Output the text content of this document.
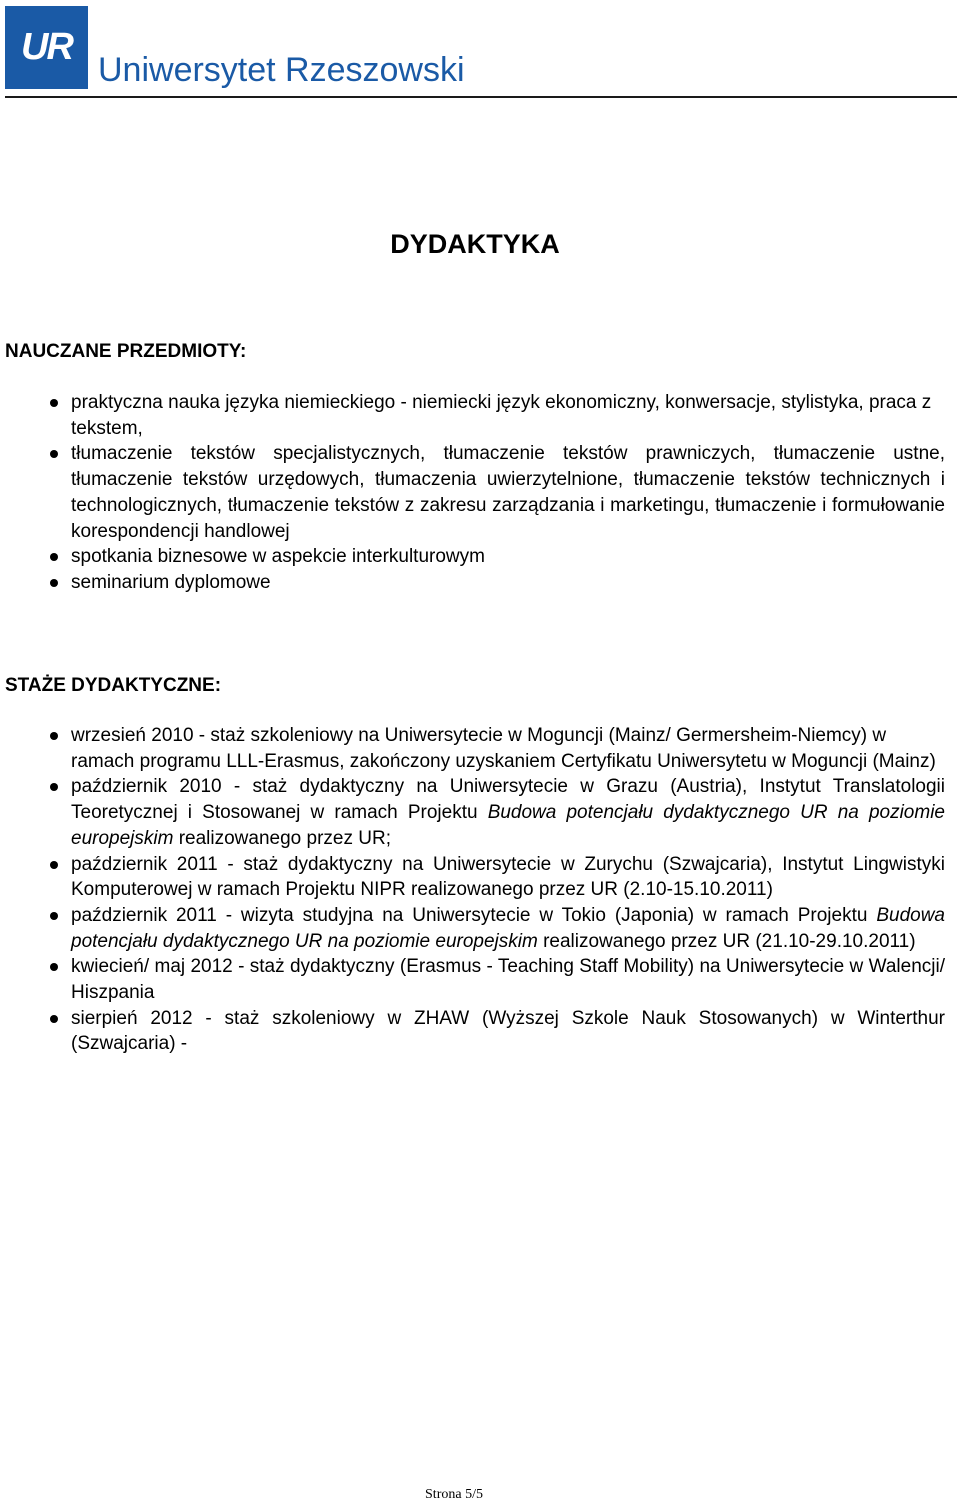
UR
Uniwersytet Rzeszowski
DYDAKTYKA
NAUCZANE PRZEDMIOTY:
praktyczna nauka języka niemieckiego - niemiecki język ekonomiczny, konwersacje, stylistyka, praca z tekstem,
tłumaczenie tekstów specjalistycznych, tłumaczenie tekstów prawniczych, tłumaczenie ustne, tłumaczenie tekstów urzędowych, tłumaczenia uwierzytelnione, tłumaczenie tekstów technicznych i technologicznych, tłumaczenie tekstów z zakresu zarządzania i marketingu, tłumaczenie i formułowanie korespondencji handlowej
spotkania biznesowe w aspekcie interkulturowym
seminarium dyplomowe
STAŻE DYDAKTYCZNE:
wrzesień 2010 - staż szkoleniowy na Uniwersytecie w Moguncji (Mainz/ Germersheim-Niemcy) w ramach programu LLL-Erasmus, zakończony uzyskaniem Certyfikatu Uniwersytetu w Moguncji (Mainz)
październik 2010 - staż dydaktyczny na Uniwersytecie w Grazu (Austria), Instytut Translatologii Teoretycznej i Stosowanej w ramach Projektu Budowa potencjału dydaktycznego UR na poziomie europejskim realizowanego przez UR;
październik 2011 - staż dydaktyczny na Uniwersytecie w Zurychu (Szwajcaria), Instytut Lingwistyki Komputerowej w ramach Projektu NIPR realizowanego przez UR (2.10-15.10.2011)
październik 2011 - wizyta studyjna na Uniwersytecie w Tokio (Japonia) w ramach Projektu Budowa potencjału dydaktycznego UR na poziomie europejskim realizowanego przez UR (21.10-29.10.2011)
kwiecień/ maj 2012 - staż dydaktyczny (Erasmus - Teaching Staff Mobility) na Uniwersytecie w Walencji/ Hiszpania
sierpień 2012 - staż szkoleniowy w ZHAW (Wyższej Szkole Nauk Stosowanych) w Winterthur (Szwajcaria) -
Strona 5/5
